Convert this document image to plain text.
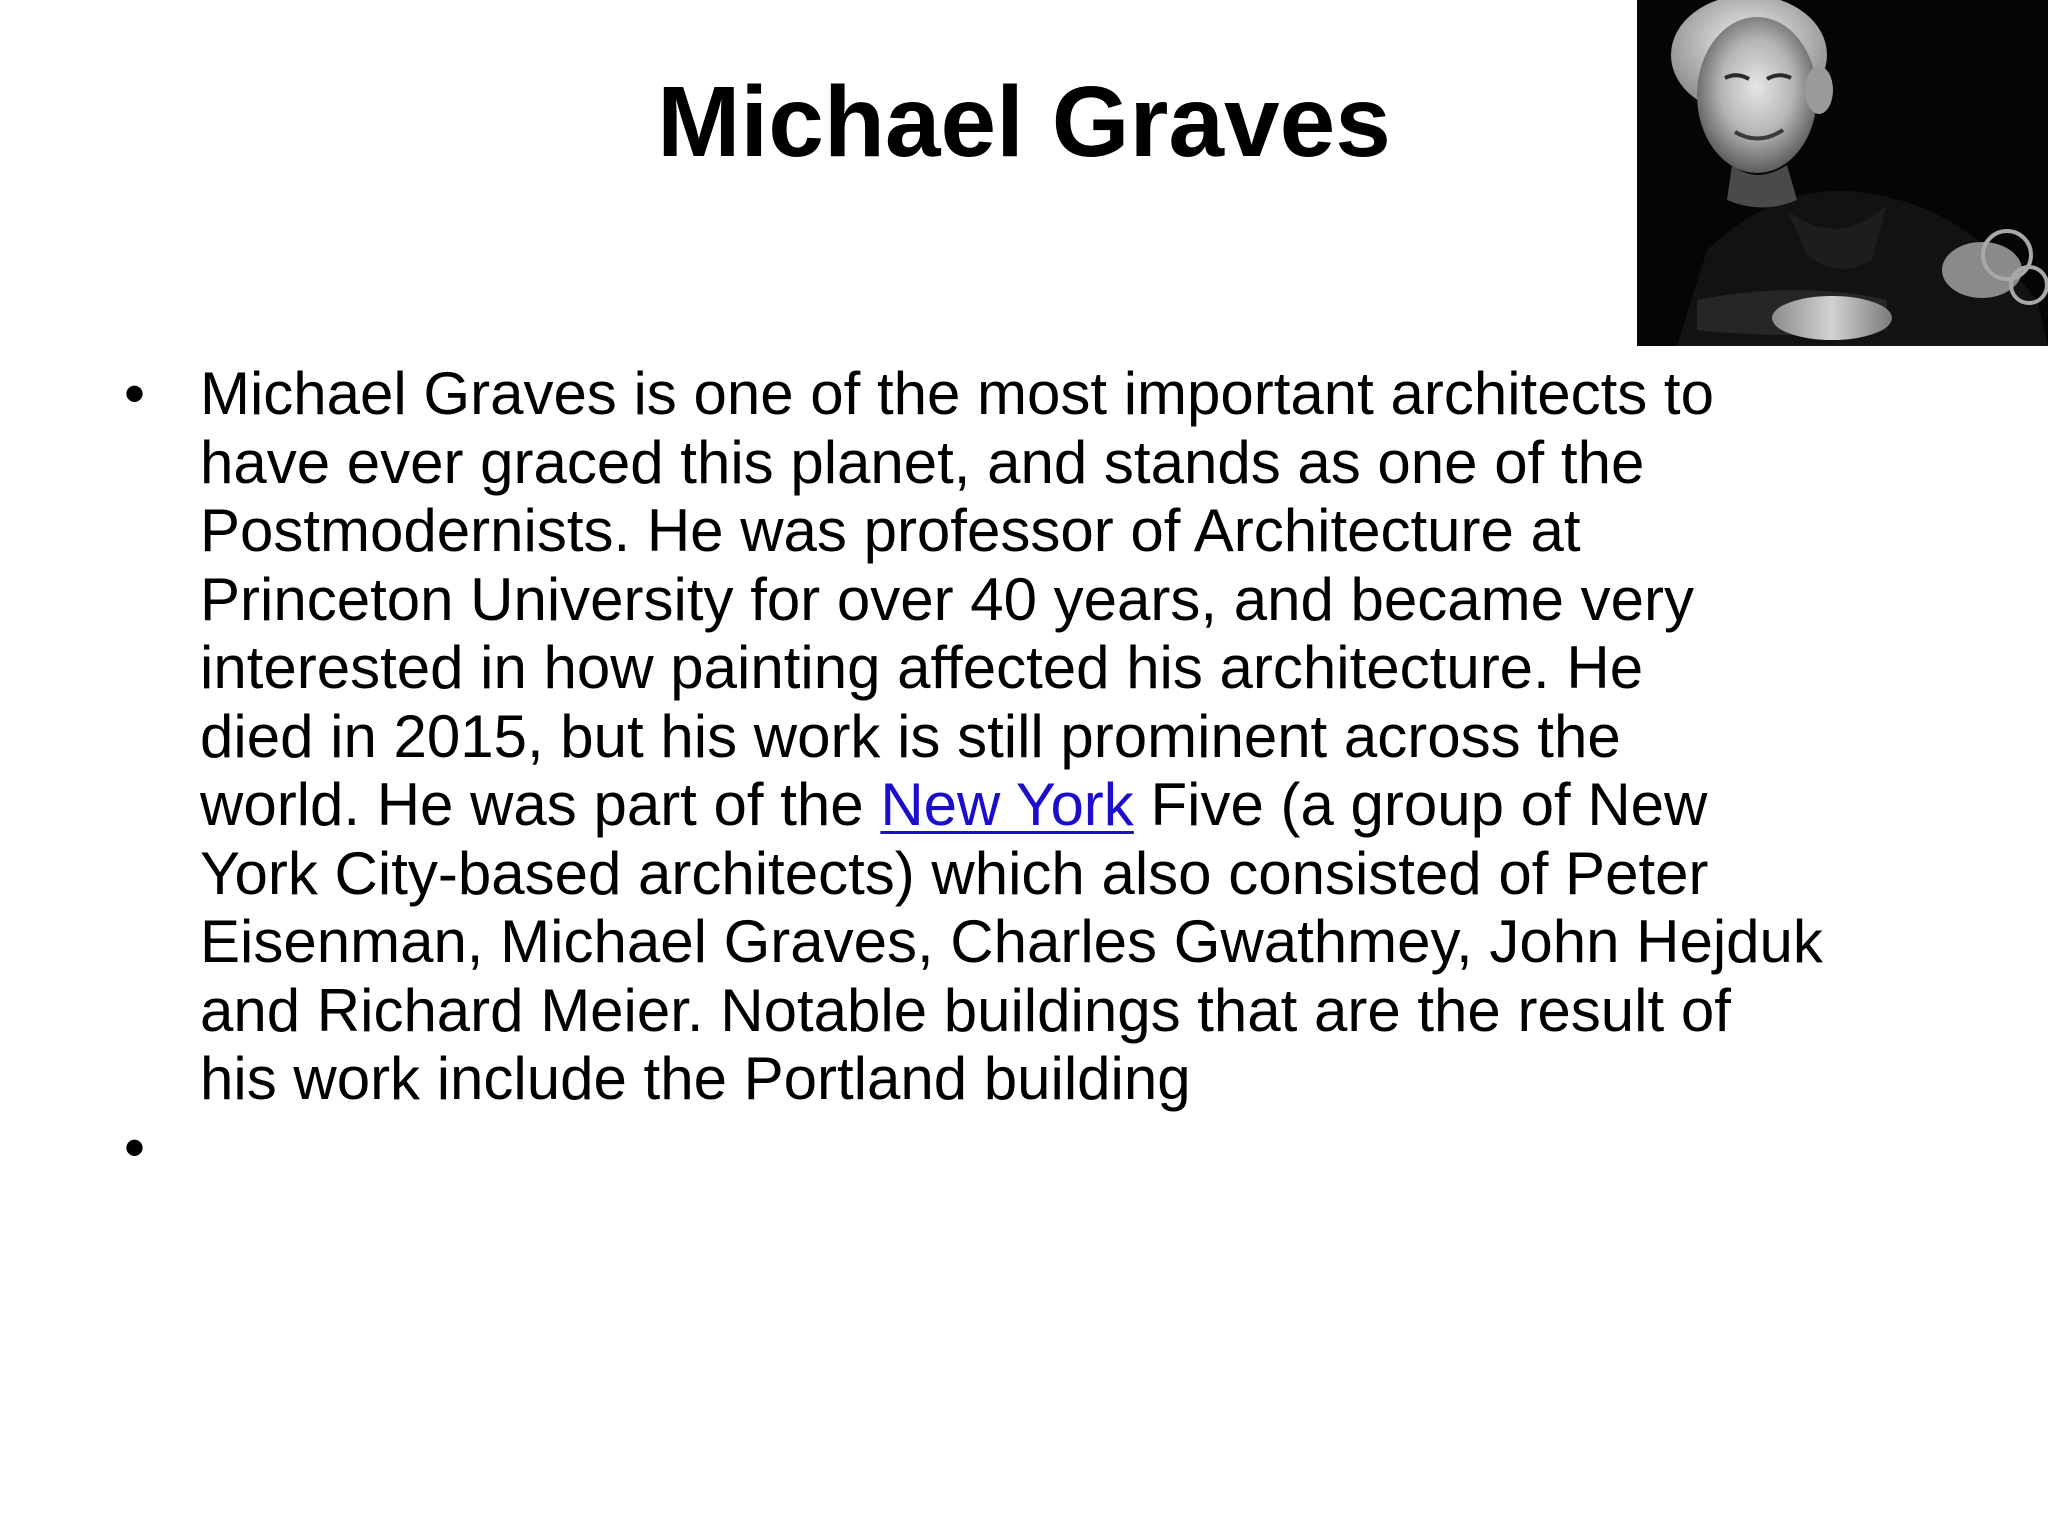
Michael Graves
• Michael Graves is one of the most important architects to
have ever graced this planet, and stands as one of the
Postmodernists. He was professor of Architecture at
Princeton University for over 40 years, and became very
interested in how painting affected his architecture. He
died in 2015, but his work is still prominent across the
world. He was part of the New York Five (a group of New
York City-based architects) which also consisted of Peter
Eisenman, Michael Graves, Charles Gwathmey, John Hejduk
and Richard Meier. Notable buildings that are the result of
his work include the Portland building
•
